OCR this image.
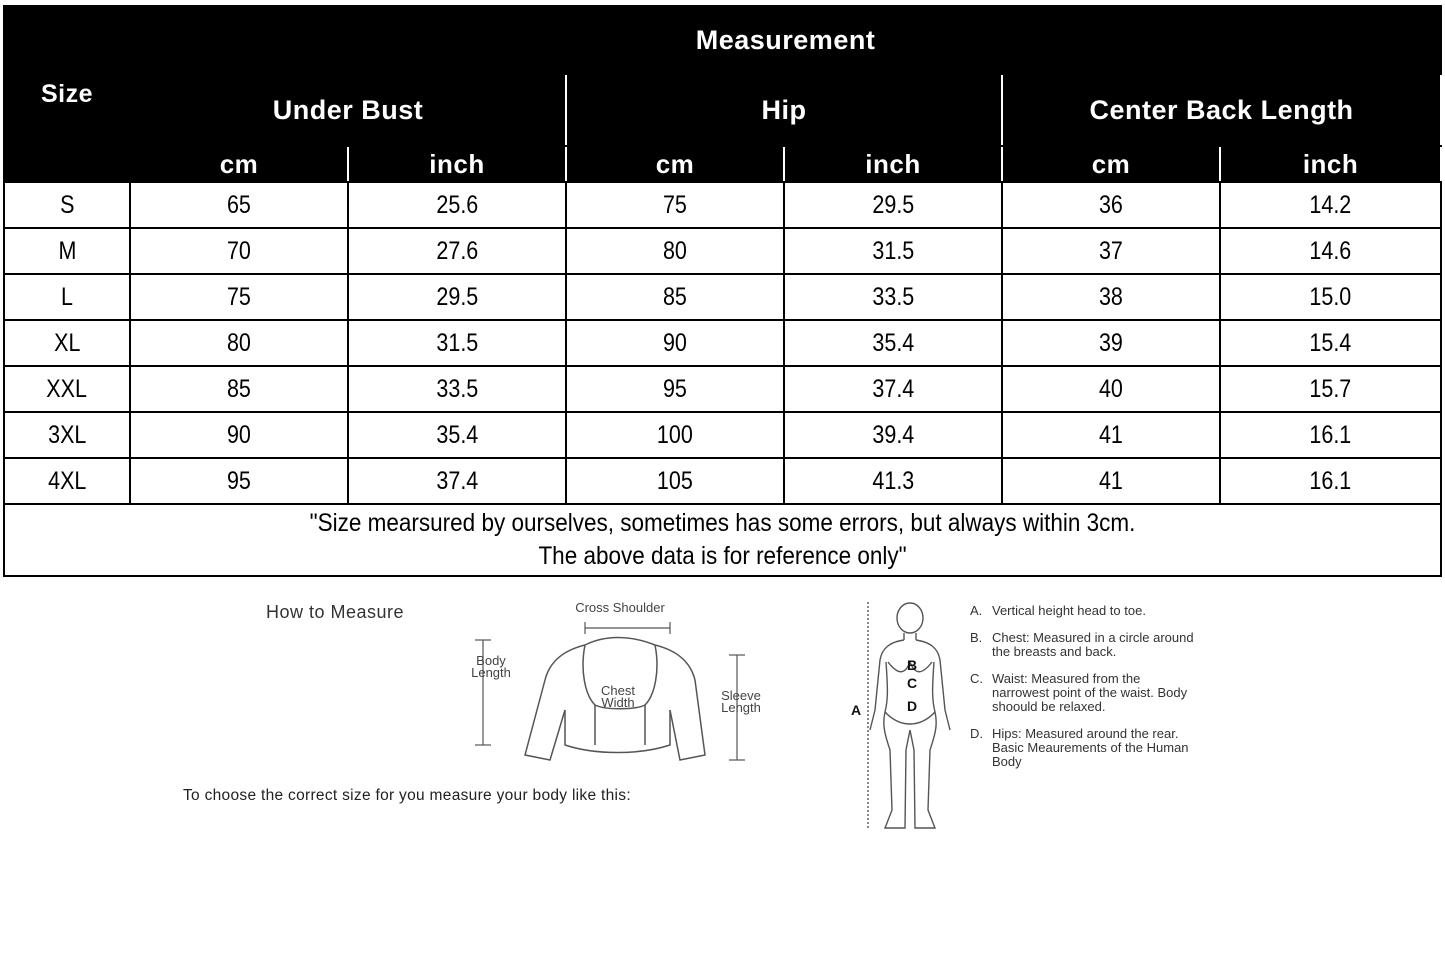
Size	Measurement					
	Under Bust		Hip		Center Back Length	
	cm	inch	cm	inch	cm	inch
S	65	25.6	75	29.5	36	14.2
M	70	27.6	80	31.5	37	14.6
L	75	29.5	85	33.5	38	15.0
XL	80	31.5	90	35.4	39	15.4
XXL	85	33.5	95	37.4	40	15.7
3XL	90	35.4	100	39.4	41	16.1
4XL	95	37.4	105	41.3	41	16.1

"Size mearsured by ourselves, sometimes has some errors, but always within 3cm.
The above data is for reference only"						
How to Measure	Cross Shoulder
Body Length
Chest Width	Sleeve Length
To choose the correct size for you measure your body like this:
A
B
C
D
A. Vertical height head to toe.
B. Chest: Measured in a circle around the breasts and back.
C. Waist: Measured from the narrowest point of the waist. Body shoould be relaxed.
D. Hips: Measured around the rear. Basic Meaurements of the Human Body
